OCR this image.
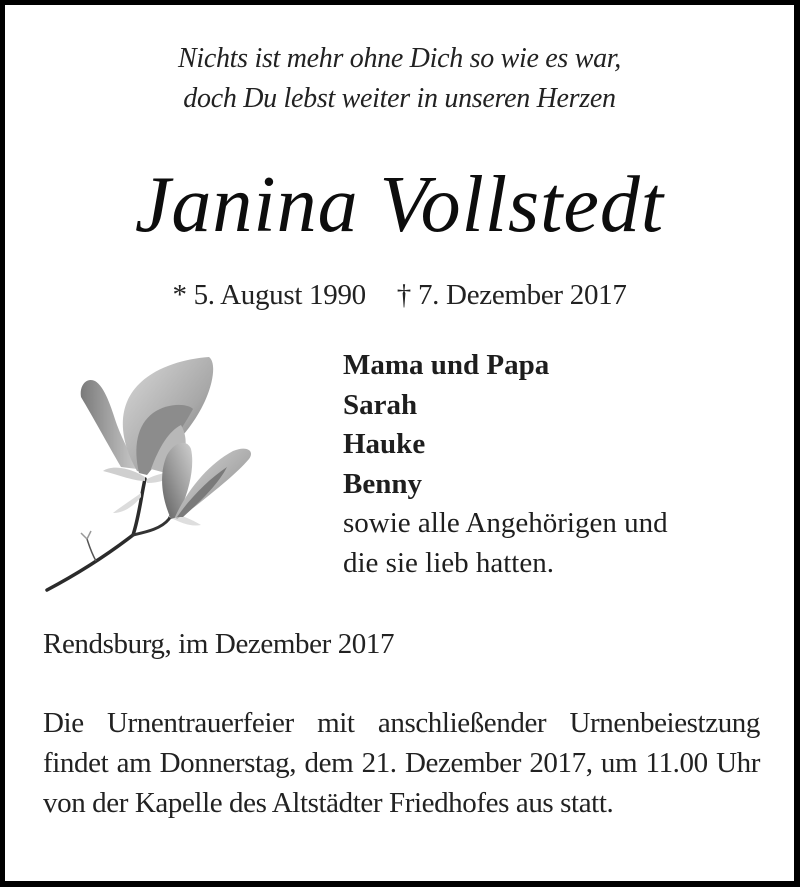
Nichts ist mehr ohne Dich so wie es war,
doch Du lebst weiter in unseren Herzen
Janina Vollstedt
* 5. August 1990 † 7. Dezember 2017
Mama und Papa
Sarah
Hauke
Benny
sowie alle Angehörigen und
die sie lieb hatten.
Rendsburg, im Dezember 2017
Die Urnentrauerfeier mit anschließender Urnenbeiestzung findet am Donnerstag, dem 21. Dezember 2017, um 11.00 Uhr von der Kapelle des Altstädter Friedhofes aus statt.
